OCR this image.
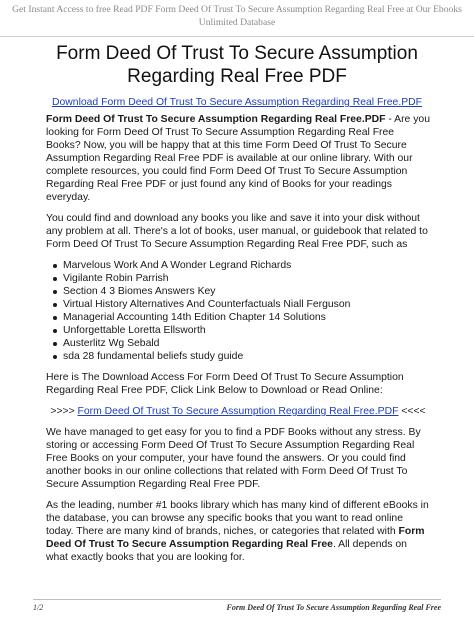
Get Instant Access to free Read PDF Form Deed Of Trust To Secure Assumption Regarding Real Free at Our Ebooks
Unlimited Database
Form Deed Of Trust To Secure Assumption
Regarding Real Free PDF
Download Form Deed Of Trust To Secure Assumption Regarding Real Free.PDF

Form Deed Of Trust To Secure Assumption Regarding Real Free.PDF - Are you looking for Form Deed Of Trust To Secure Assumption Regarding Real Free Books? Now, you will be happy that at this time Form Deed Of Trust To Secure Assumption Regarding Real Free PDF is available at our online library. With our complete resources, you could find Form Deed Of Trust To Secure Assumption Regarding Real Free PDF or just found any kind of Books for your readings everyday.

You could find and download any books you like and save it into your disk without any problem at all. There's a lot of books, user manual, or guidebook that related to Form Deed Of Trust To Secure Assumption Regarding Real Free PDF, such as

Marvelous Work And A Wonder Legrand Richards
Vigilante Robin Parrish
Section 4 3 Biomes Answers Key
Virtual History Alternatives And Counterfactuals Niall Ferguson
Managerial Accounting 14th Edition Chapter 14 Solutions
Unforgettable Loretta Ellsworth
Austerlitz Wg Sebald
sda 28 fundamental beliefs study guide

Here is The Download Access For Form Deed Of Trust To Secure Assumption Regarding Real Free PDF, Click Link Below to Download or Read Online:

>>>> Form Deed Of Trust To Secure Assumption Regarding Real Free.PDF <<<<

We have managed to get easy for you to find a PDF Books without any stress. By storing or accessing Form Deed Of Trust To Secure Assumption Regarding Real Free Books on your computer, your have found the answers. Or you could find another books in our online collections that related with Form Deed Of Trust To Secure Assumption Regarding Real Free PDF.

As the leading, number #1 books library which has many kind of different eBooks in the database, you can browse any specific books that you want to read online today. There are many kind of brands, niches, or categories that related with Form Deed Of Trust To Secure Assumption Regarding Real Free. All depends on what exactly books that you are looking for.

1/2	Form Deed Of Trust To Secure Assumption Regarding Real Free
